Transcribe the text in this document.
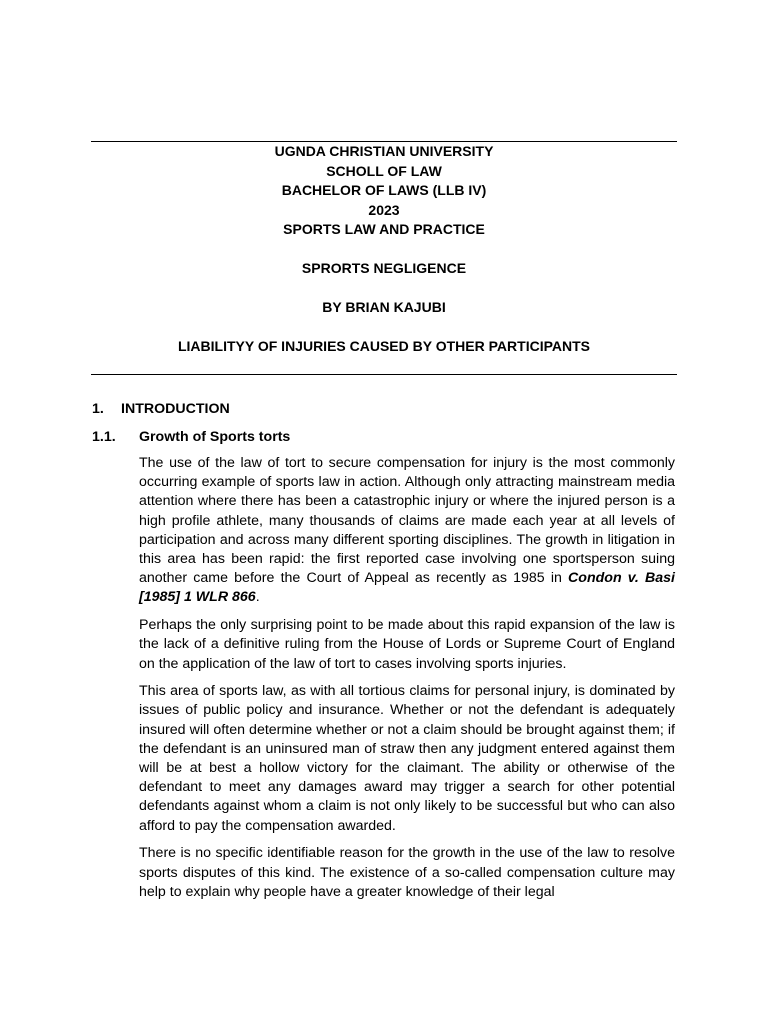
UGNDA CHRISTIAN UNIVERSITY
SCHOLL OF LAW
BACHELOR OF LAWS (LLB IV)
2023
SPORTS LAW AND PRACTICE
SPRORTS NEGLIGENCE
BY BRIAN KAJUBI
LIABILITYY OF INJURIES CAUSED BY OTHER PARTICIPANTS
1. INTRODUCTION
1.1. Growth of Sports torts

The use of the law of tort to secure compensation for injury is the most commonly occurring example of sports law in action. Although only attracting mainstream media attention where there has been a catastrophic injury or where the injured person is a high profile athlete, many thousands of claims are made each year at all levels of participation and across many different sporting disciplines. The growth in litigation in this area has been rapid: the first reported case involving one sportsperson suing another came before the Court of Appeal as recently as 1985 in Condon v. Basi [1985] 1 WLR 866.

Perhaps the only surprising point to be made about this rapid expansion of the law is the lack of a definitive ruling from the House of Lords or Supreme Court of England on the application of the law of tort to cases involving sports injuries.

This area of sports law, as with all tortious claims for personal injury, is dominated by issues of public policy and insurance. Whether or not the defendant is adequately insured will often determine whether or not a claim should be brought against them; if the defendant is an uninsured man of straw then any judgment entered against them will be at best a hollow victory for the claimant. The ability or otherwise of the defendant to meet any damages award may trigger a search for other potential defendants against whom a claim is not only likely to be successful but who can also afford to pay the compensation awarded.

There is no specific identifiable reason for the growth in the use of the law to resolve sports disputes of this kind. The existence of a so-called compensation culture may help to explain why people have a greater knowledge of their legal
